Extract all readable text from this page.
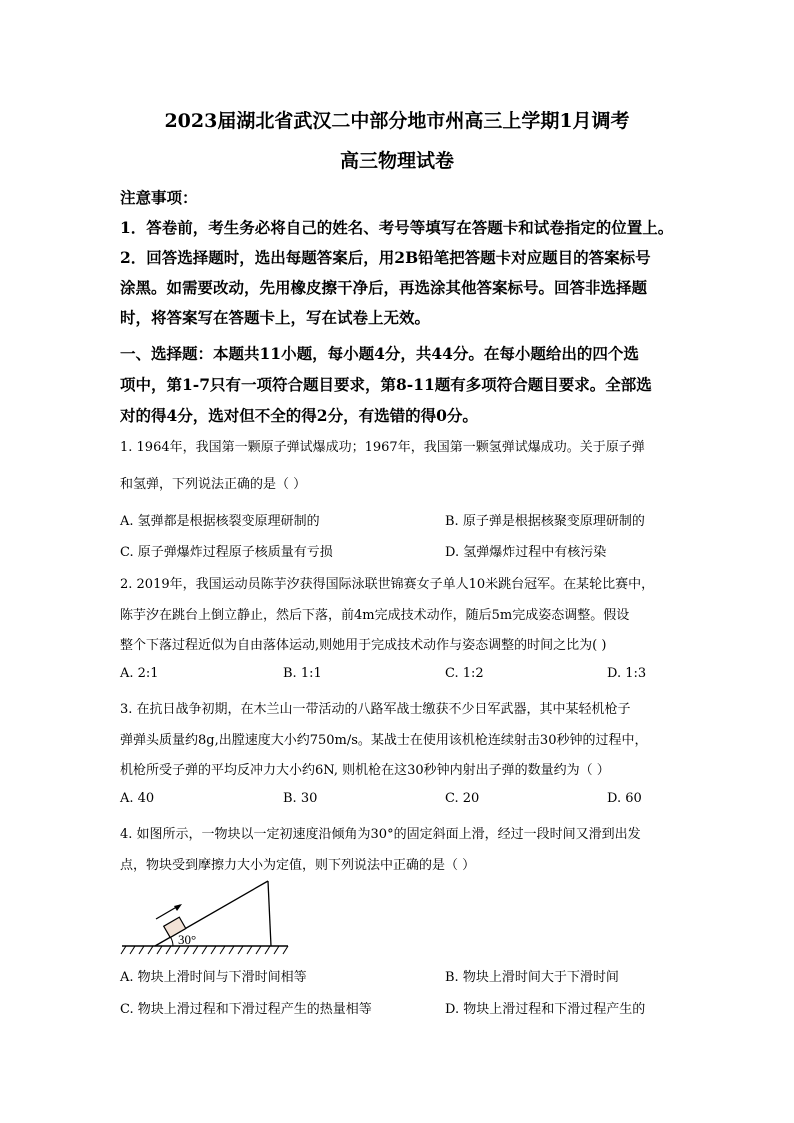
2023届湖北省武汉二中部分地市州高三上学期1月调考
高三物理试卷
注意事项：
1．答卷前，考生务必将自己的姓名、考号等填写在答题卡和试卷指定的位置上。
2．回答选择题时，选出每题答案后，用2B铅笔把答题卡对应题目的答案标号
涂黑。如需要改动，先用橡皮擦干净后，再选涂其他答案标号。回答非选择题
时，将答案写在答题卡上，写在试卷上无效。
一、选择题：本题共11小题，每小题4分，共44分。在每小题给出的四个选
项中，第1-7只有一项符合题目要求，第8-11题有多项符合题目要求。全部选
对的得4分，选对但不全的得2分，有选错的得0分。
1. 1964年，我国第一颗原子弹试爆成功；1967年，我国第一颗氢弹试爆成功。关于原子弹
和氢弹，下列说法正确的是（ ）
A. 氢弹都是根据核裂变原理研制的	B. 原子弹是根据核聚变原理研制的
C. 原子弹爆炸过程原子核质量有亏损	D. 氢弹爆炸过程中有核污染
2. 2019年，我国运动员陈芋汐获得国际泳联世锦赛女子单人10米跳台冠军。在某轮比赛中，
陈芋汐在跳台上倒立静止，然后下落，前4m完成技术动作，随后5m完成姿态调整。假设
整个下落过程近似为自由落体运动,则她用于完成技术动作与姿态调整的时间之比为( )
A. 2:1	B. 1:1	C. 1:2	D. 1:3
3. 在抗日战争初期，在木兰山一带活动的八路军战士缴获不少日军武器，其中某轻机枪子
弹弹头质量约8g,出膛速度大小约750m/s。某战士在使用该机枪连续射击30秒钟的过程中，
机枪所受子弹的平均反冲力大小约6N, 则机枪在这30秒钟内射出子弹的数量约为（ ）
A. 40	B. 30	C. 20	D. 60
4. 如图所示，一物块以一定初速度沿倾角为30°的固定斜面上滑，经过一段时间又滑到出发
点，物块受到摩擦力大小为定值，则下列说法中正确的是（ ）
30°
A. 物块上滑时间与下滑时间相等	B. 物块上滑时间大于下滑时间
C. 物块上滑过程和下滑过程产生的热量相等	D. 物块上滑过程和下滑过程产生的
